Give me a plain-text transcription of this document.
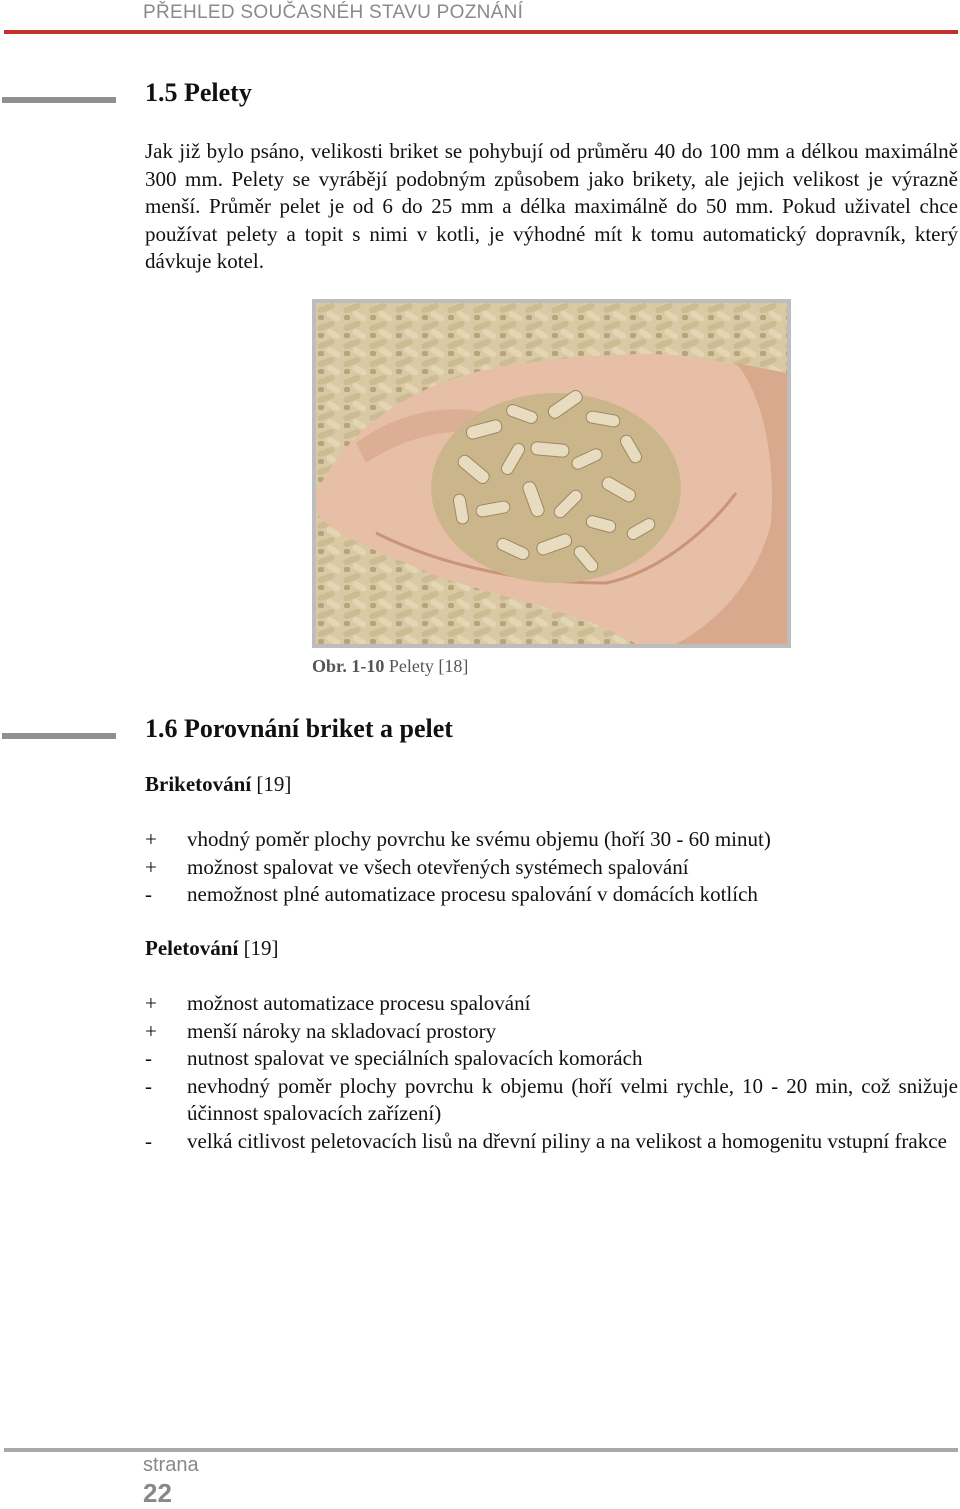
PŘEHLED SOUČASNÉH STAVU POZNÁNÍ
1.5 Pelety

Jak již bylo psáno, velikosti briket se pohybují od průměru 40 do 100 mm a délkou maximálně 300 mm. Pelety se vyrábějí podobným způsobem jako brikety, ale jejich velikost je výrazně menší. Průměr pelet je od 6 do 25 mm a délka maximálně do 50 mm. Pokud uživatel chce používat pelety a topit s nimi v kotli, je výhodné mít k tomu automatický dopravník, který dávkuje kotel.

Obr. 1-10 Pelety [18]
1.6 Porovnání briket a pelet
Briketování [19]
+	vhodný poměr plochy povrchu ke svému objemu (hoří 30 - 60 minut)
+	možnost spalovat ve všech otevřených systémech spalování
-	nemožnost plné automatizace procesu spalování v domácích kotlích
Peletování [19]
+	možnost automatizace procesu spalování
+	menší nároky na skladovací prostory
-	nutnost spalovat ve speciálních spalovacích komorách
-	nevhodný poměr plochy povrchu k objemu (hoří velmi rychle, 10 - 20 min, což snižuje účinnost spalovacích zařízení)
-	velká citlivost peletovacích lisů na dřevní piliny a na velikost a homogenitu vstupní frakce
strana
22
